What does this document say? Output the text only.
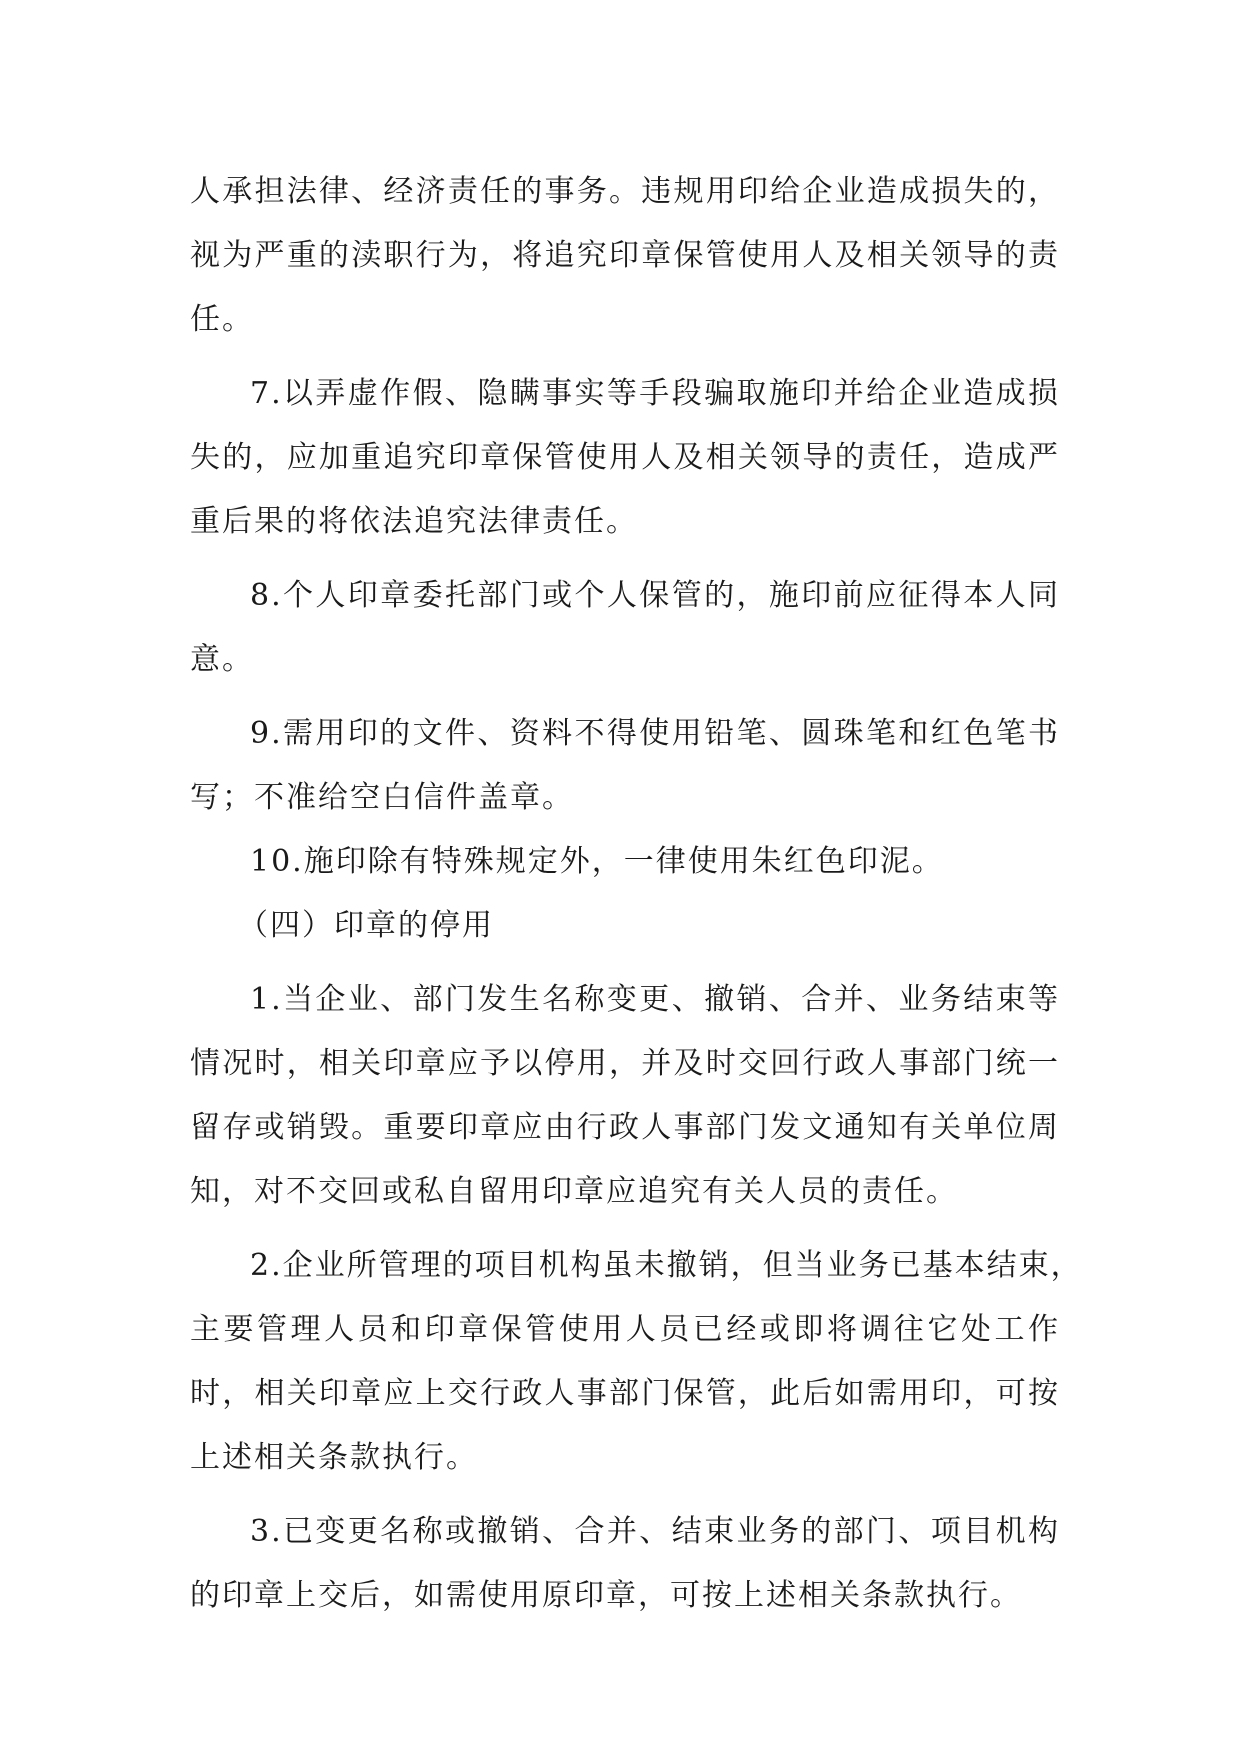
人承担法律、经济责任的事务。违规用印给企业造成损失的，
视为严重的渎职行为，将追究印章保管使用人及相关领导的责
任。
7.以弄虚作假、隐瞒事实等手段骗取施印并给企业造成损
失的，应加重追究印章保管使用人及相关领导的责任，造成严
重后果的将依法追究法律责任。
8.个人印章委托部门或个人保管的，施印前应征得本人同
意。
9.需用印的文件、资料不得使用铅笔、圆珠笔和红色笔书
写；不准给空白信件盖章。
10.施印除有特殊规定外，一律使用朱红色印泥。
（四）印章的停用
1.当企业、部门发生名称变更、撤销、合并、业务结束等
情况时，相关印章应予以停用，并及时交回行政人事部门统一
留存或销毁。重要印章应由行政人事部门发文通知有关单位周
知，对不交回或私自留用印章应追究有关人员的责任。
2.企业所管理的项目机构虽未撤销，但当业务已基本结束，
主要管理人员和印章保管使用人员已经或即将调往它处工作
时，相关印章应上交行政人事部门保管，此后如需用印，可按
上述相关条款执行。
3.已变更名称或撤销、合并、结束业务的部门、项目机构
的印章上交后，如需使用原印章，可按上述相关条款执行。
